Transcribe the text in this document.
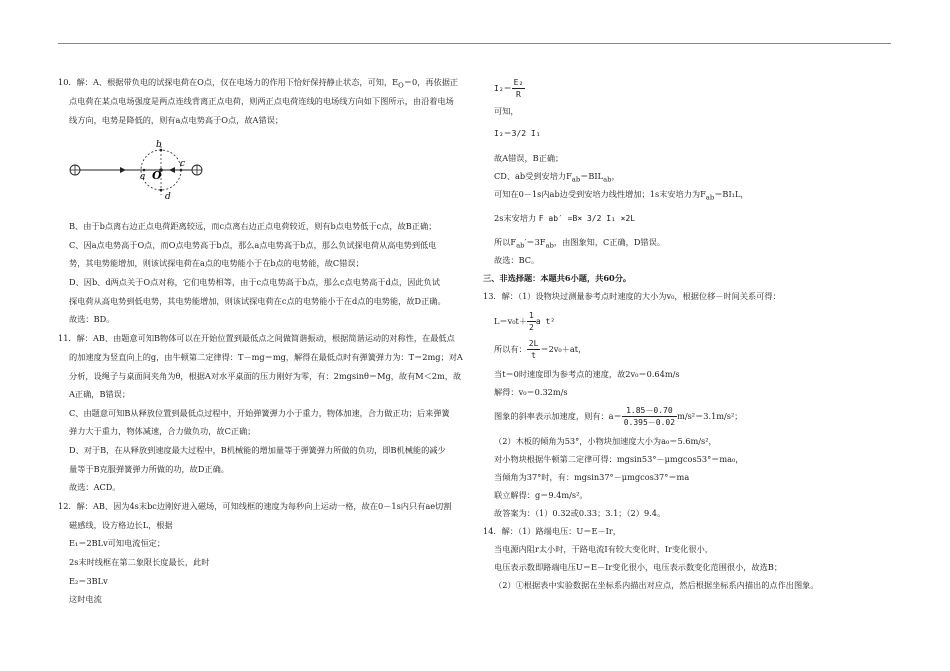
10．解：A、根据带负电的试探电荷在O点，仅在电场力的作用下恰好保持静止状态，可知，$E_O=0$，再依据正

点电荷在某点电场强度是两点连线背离正点电荷，则两正点电荷连线的电场线方向如下图所示，由沿着电场

线方向，电势是降低的，则有a点电势高于O点，故A错误；

a O
b
c
d

B、由于b点离右边正点电荷距离较远，而c点离右边正点电荷较近，则有b点电势低于c点，故B正确；

C、因a点电势高于O点，而O点电势高于b点，那么a点电势高于b点，那么负试探电荷从高电势到低电

势，其电势能增加，则该试探电荷在a点的电势能小于在b点的电势能，故C错误；

D、因b、d两点关于O点对称，它们电势相等，由于c点电势高于b点，那么c点电势高于d点，因此负试

探电荷从高电势到低电势，其电势能增加，则该试探电荷在c点的电势能小于在d点的电势能，故D正确。

故选：BD。

11．解：AB、由题意可知B物体可以在开始位置到最低点之间做简谐振动，根据简谐运动的对称性，在最低点

的加速度为竖直向上的g，由牛顿第二定律得：T－mg＝mg，解得在最低点时有弹簧弹力为：T＝2mg；对A

分析，设绳子与桌面间夹角为θ，根据A对水平桌面的压力刚好为零，有：2mgsinθ＝Mg，故有M＜2m，故

A正确，B错误；

C、由题意可知B从释放位置到最低点过程中，开始弹簧弹力小于重力，物体加速，合力做正功；后来弹簧

弹力大于重力，物体减速，合力做负功，故C正确；

D、对于B，在从释放到速度最大过程中，B机械能的增加量等于弹簧弹力所做的负功，即B机械能的减少

量等于B克服弹簧弹力所做的功，故D正确。

故选：ACD。

12．解：AB、因为4s末bc边刚好进入磁场，可知线框的速度为每秒向上运动一格，故在0－1s内只有ae切割

磁感线，设方格边长L，根据

E₁＝2BLv可知电流恒定；

2s末时线框在第二象限长度最长，此时

E₂＝3BLv

这时电流

$I_2= \frac{\text{E₂}}{R}$

可知，

I₂＝3/2 I₁

故A错误，B正确；

CD、ab受到安培力$F_{ab}=BIL_{ab}$，

可知在0－1s内ab边受到安培力线性增加；1s末安培力为$F_{ab}=BI_1L$，

2s末安培力 F ab′ =B× 3/2 I₁ ×2L

所以$F_{ab}'=3F_{ab}$，由图象知，C正确，D错误。

故选：BC。

三、非选择题：本题共6小题，共60分。

13．解：（1）设物块过测量参考点时速度的大小为v₀，根据位移－时间关系可得：

$L=v_0t+ \frac{1}{2}$ a t²

所以有： $\frac{2L}{t} =2v_0+at$，

当t＝0时速度即为参考点的速度，故2v₀＝0.64m/s

解得：v₀＝0.32m/s

图象的斜率表示加速度，则有：$a= \frac{1.85-0.70}{0.395-0.02} m/s^2=3.1m/s^2$；

（2）木板的倾角为53°，小物块加速度大小为a₀＝5.6m/s²，

对小物块根据牛顿第二定律可得：mgsin53°－μmgcos53°＝ma₀，

当倾角为37°时，有：mgsin37°－μmgcos37°＝ma

联立解得：g＝9.4m/s²。

故答案为：（1）0.32或0.33；3.1；（2）9.4。

14．解：（1）路端电压：U＝E－Ir，

当电源内阻r太小时，干路电流I有较大变化时，Ir变化很小，

电压表示数即路端电压U＝E－Ir变化很小，电压表示数变化范围很小，故选B；

（2）①根据表中实验数据在坐标系内描出对应点，然后根据坐标系内描出的点作出图象。
